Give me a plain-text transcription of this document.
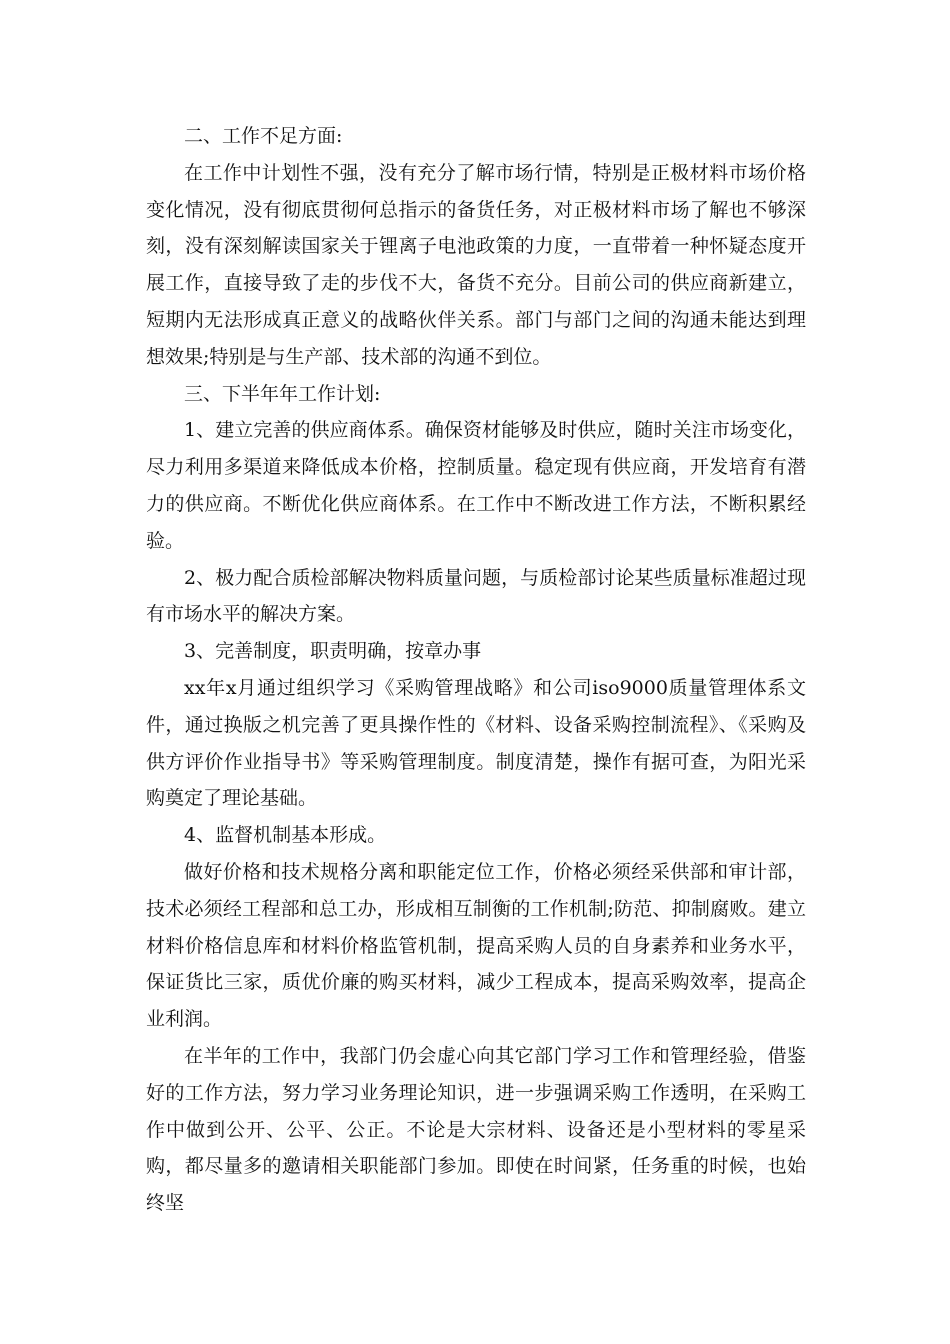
二、工作不足方面:

在工作中计划性不强，没有充分了解市场行情，特别是正极材料市场价格变化情况，没有彻底贯彻何总指示的备货任务，对正极材料市场了解也不够深刻，没有深刻解读国家关于锂离子电池政策的力度，一直带着一种怀疑态度开展工作，直接导致了走的步伐不大，备货不充分。目前公司的供应商新建立，短期内无法形成真正意义的战略伙伴关系。部门与部门之间的沟通未能达到理想效果;特别是与生产部、技术部的沟通不到位。

三、下半年年工作计划:

1、建立完善的供应商体系。确保资材能够及时供应，随时关注市场变化，尽力利用多渠道来降低成本价格，控制质量。稳定现有供应商，开发培育有潜力的供应商。不断优化供应商体系。在工作中不断改进工作方法，不断积累经验。

2、极力配合质检部解决物料质量问题，与质检部讨论某些质量标准超过现有市场水平的解决方案。

3、完善制度，职责明确，按章办事

xx年x月通过组织学习《采购管理战略》和公司iso9000质量管理体系文件，通过换版之机完善了更具操作性的《材料、设备采购控制流程》、《采购及供方评价作业指导书》等采购管理制度。制度清楚，操作有据可查，为阳光采购奠定了理论基础。

4、监督机制基本形成。

做好价格和技术规格分离和职能定位工作，价格必须经采供部和审计部，技术必须经工程部和总工办，形成相互制衡的工作机制;防范、抑制腐败。建立材料价格信息库和材料价格监管机制，提高采购人员的自身素养和业务水平，保证货比三家，质优价廉的购买材料，减少工程成本，提高采购效率，提高企业利润。

在半年的工作中，我部门仍会虚心向其它部门学习工作和管理经验，借鉴好的工作方法，努力学习业务理论知识，进一步强调采购工作透明，在采购工作中做到公开、公平、公正。不论是大宗材料、设备还是小型材料的零星采购，都尽量多的邀请相关职能部门参加。即使在时间紧，任务重的时候，也始终坚
